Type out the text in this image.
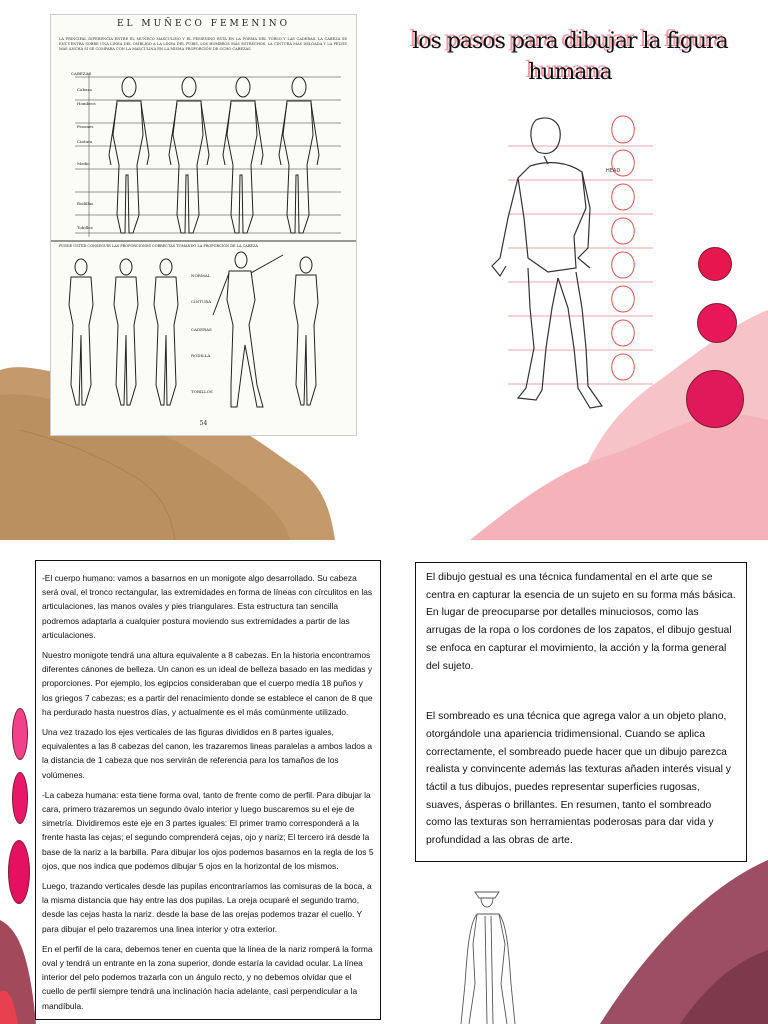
EL MUÑECO FEMENINO
LA PRINCIPAL DIFERENCIA ENTRE EL MUÑECO MASCULINO Y EL FEMENINO ESTÁ EN LA FORMA DEL TORSO Y LAS CADERAS. LA CABEZA SE ENCUENTRA SOBRE UNA LINEA DEL OMBLIGO A LA LINEA DEL PUBIS, LOS HOMBROS MÁS ESTRECHOS, LA CINTURA MÁS DELGADA Y LA PELVIS MÁS ANCHA SI SE COMPARA CON LA MASCULINA EN LA MISMA PROPORCIÓN DE OCHO CABEZAS.
CABEZAS
Cabeza
Hombros
Pezones
Cintura
Medio
Rodillas
Tobillos
PUEDE USTED CONSEGUIR LAS PROPORCIONES CORRECTAS TOMANDO LA PROPORCIÓN DE LA CABEZA
NORMAL
CINTURA
CADERAS
RODILLA
TOBILLOS
54
los pasos para dibujar la figura humana
HEAD

-El cuerpo humano: vamos a basarnos en un monigote algo desarrollado. Su cabeza será oval, el tronco rectangular, las extremidades en forma de líneas con círculitos en las articulaciones, las manos ovales y pies triangulares. Esta estructura tan sencilla podremos adaptarla a cualquier postura moviendo sus extremidades a partir de las articulaciones.

Nuestro monigote tendrá una altura equivalente a 8 cabezas. En la historia encontramos diferentes cánones de belleza. Un canon es un ideal de belleza basado en las medidas y proporciones. Por ejemplo, los egipcios consideraban que el cuerpo medía 18 puños y los griegos 7 cabezas; es a partir del renacimiento donde se establece el canon de 8 que ha perdurado hasta nuestros días, y actualmente es el más comúnmente utilizado.

Una vez trazado los ejes verticales de las figuras divididos en 8 partes iguales, equivalentes a las 8 cabezas del canon, les trazaremos lineas paralelas a ambos lados a la distancia de 1 cabeza que nos servirán de referencia para los tamaños de los volúmenes.

-La cabeza humana: esta tiene forma oval, tanto de frente como de perfil. Para dibujar la cara, primero trazaremos un segundo óvalo interior y luego buscaremos su el eje de simetría. Dividiremos este eje en 3 partes iguales: El primer tramo corresponderá a la frente hasta las cejas; el segundo comprenderá cejas, ojo y nariz; El tercero irá desde la base de la nariz a la barbilla. Para dibujar los ojos podemos basarnos en la regla de los 5 ojos, que nos indica que podemos dibujar 5 ojos en la horizontal de los mismos.

Luego, trazando verticales desde las pupilas encontraríamos las comisuras de la boca, a la misma distancia que hay entre las dos pupilas. La oreja ocuparé el segundo tramo, desde las cejas hasta la nariz. desde la base de las orejas podemos trazar el cuello. Y para dibujar el pelo trazaremos una linea interior y otra exterior.

En el perfil de la cara, debemos tener en cuenta que la linea de la nariz romperá la forma oval y tendrá un entrante en la zona superior, donde estaría la cavidad ocular. La línea interior del pelo podemos trazarla con un ángulo recto, y no debemos olvidar que el cuello de perfil siempre tendrá una inclinación hacia adelante, casi perpendicular a la mandíbula.

El dibujo gestual es una técnica fundamental en el arte que se centra en capturar la esencia de un sujeto en su forma más básica. En lugar de preocuparse por detalles minuciosos, como las arrugas de la ropa o los cordones de los zapatos, el dibujo gestual se enfoca en capturar el movimiento, la acción y la forma general del sujeto.

El sombreado es una técnica que agrega valor a un objeto plano, otorgándole una apariencia tridimensional. Cuando se aplica correctamente, el sombreado puede hacer que un dibujo parezca realista y convincente además las texturas añaden interés visual y táctil a tus dibujos, puedes representar superficies rugosas, suaves, ásperas o brillantes. En resumen, tanto el sombreado como las texturas son herramientas poderosas para dar vida y profundidad a las obras de arte.
